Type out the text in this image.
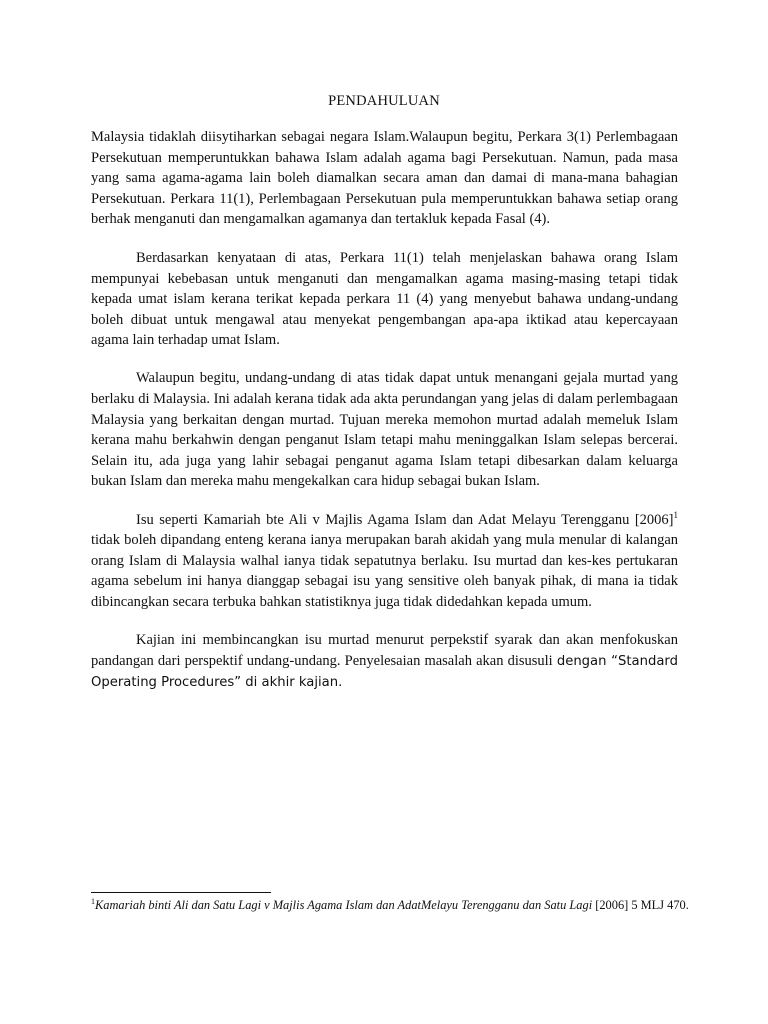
PENDAHULUAN

Malaysia tidaklah diisytiharkan sebagai negara Islam.Walaupun begitu, Perkara 3(1) Perlembagaan Persekutuan memperuntukkan bahawa Islam adalah agama bagi Persekutuan. Namun, pada masa yang sama agama-agama lain boleh diamalkan secara aman dan damai di mana-mana bahagian Persekutuan. Perkara 11(1), Perlembagaan Persekutuan pula memperuntukkan bahawa setiap orang berhak menganuti dan mengamalkan agamanya dan tertakluk kepada Fasal (4).

Berdasarkan kenyataan di atas, Perkara 11(1) telah menjelaskan bahawa orang Islam mempunyai kebebasan untuk menganuti dan mengamalkan agama masing-masing tetapi tidak kepada umat islam kerana terikat kepada perkara 11 (4) yang menyebut bahawa undang-undang boleh dibuat untuk mengawal atau menyekat pengembangan apa-apa iktikad atau kepercayaan agama lain terhadap umat Islam.

Walaupun begitu, undang-undang di atas tidak dapat untuk menangani gejala murtad yang berlaku di Malaysia. Ini adalah kerana tidak ada akta perundangan yang jelas di dalam perlembagaan Malaysia yang berkaitan dengan murtad. Tujuan mereka memohon murtad adalah memeluk Islam kerana mahu berkahwin dengan penganut Islam tetapi mahu meninggalkan Islam selepas bercerai. Selain itu, ada juga yang lahir sebagai penganut agama Islam tetapi dibesarkan dalam keluarga bukan Islam dan mereka mahu mengekalkan cara hidup sebagai bukan Islam.

Isu seperti Kamariah bte Ali v Majlis Agama Islam dan Adat Melayu Terengganu [2006]$^1$ tidak boleh dipandang enteng kerana ianya merupakan barah akidah yang mula menular di kalangan orang Islam di Malaysia walhal ianya tidak sepatutnya berlaku. Isu murtad dan kes-kes pertukaran agama sebelum ini hanya dianggap sebagai isu yang sensitive oleh banyak pihak, di mana ia tidak dibincangkan secara terbuka bahkan statistiknya juga tidak didedahkan kepada umum.

Kajian ini membincangkan isu murtad menurut perpekstif syarak dan akan menfokuskan pandangan dari perspektif undang-undang. Penyelesaian masalah akan disusuli dengan “Standard Operating Procedures” di akhir kajian.

$^1$Kamariah binti Ali dan Satu Lagi v Majlis Agama Islam dan AdatMelayu Terengganu dan Satu Lagi [2006] 5 MLJ 470.
